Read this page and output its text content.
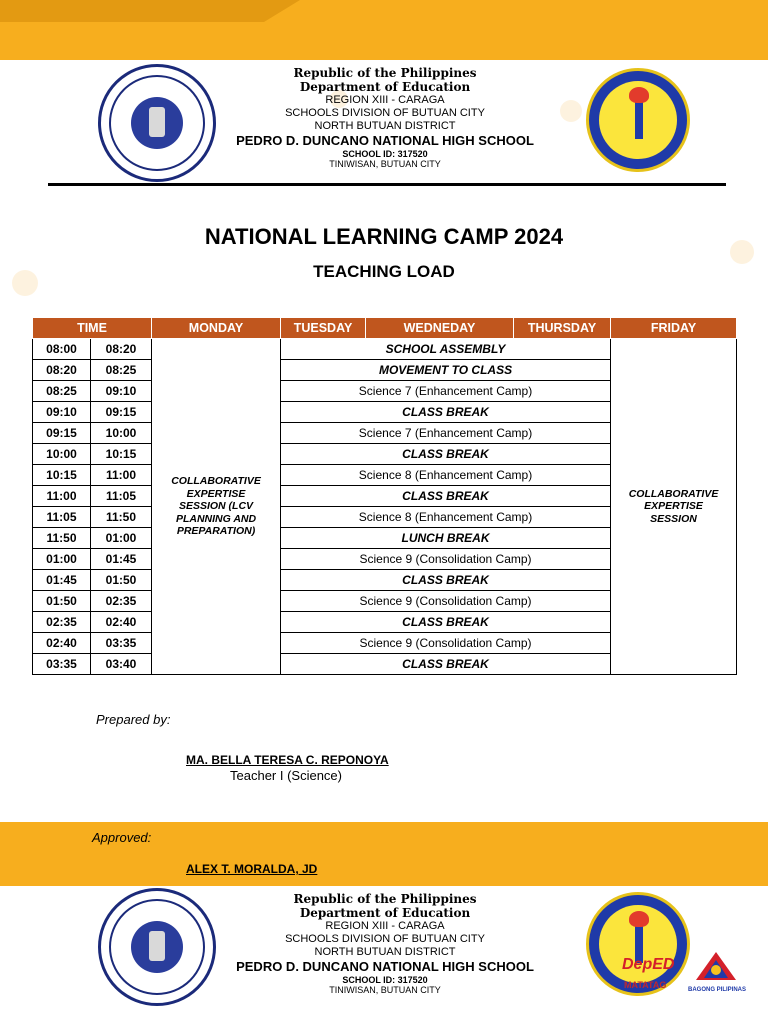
Republic of the Philippines
Department of Education
REGION XIII - CARAGA
SCHOOLS DIVISION OF BUTUAN CITY
NORTH BUTUAN DISTRICT
PEDRO D. DUNCANO NATIONAL HIGH SCHOOL
SCHOOL ID: 317520
TINIWISAN, BUTUAN CITY
NATIONAL LEARNING CAMP 2024
TEACHING LOAD
TIME		MONDAY	TUESDAY	WEDNEDAY	THURSDAY	FRIDAY
08:00	08:20	COLLABORATIVE EXPERTISE SESSION (LCV PLANNING AND PREPARATION)	SCHOOL ASSEMBLY			COLLABORATIVE EXPERTISE SESSION

08:20	08:25		MOVEMENT TO CLASS			
08:25	09:10		Science 7 (Enhancement Camp)			
09:10	09:15		CLASS BREAK			
09:15	10:00		Science 7 (Enhancement Camp)			
10:00	10:15		CLASS BREAK			
10:15	11:00		Science 8 (Enhancement Camp)			
11:00	11:05		CLASS BREAK			
11:05	11:50		Science 8 (Enhancement Camp)			
11:50	01:00		LUNCH BREAK			
01:00	01:45		Science 9 (Consolidation Camp)			
01:45	01:50		CLASS BREAK			
01:50	02:35		Science 9 (Consolidation Camp)			
02:35	02:40		CLASS BREAK			
02:40	03:35		Science 9 (Consolidation Camp)			
03:35	03:40		CLASS BREAK			
Prepared by:
MA. BELLA TERESA C. REPONOYA
Teacher I (Science)
Approved:
ALEX T. MORALDA, JD
Republic of the Philippines
Department of Education
REGION XIII - CARAGA
SCHOOLS DIVISION OF BUTUAN CITY
NORTH BUTUAN DISTRICT
PEDRO D. DUNCANO NATIONAL HIGH SCHOOL
SCHOOL ID: 317520
TINIWISAN, BUTUAN CITY
DepED
MATATAG	BAGONG PILIPINAS
